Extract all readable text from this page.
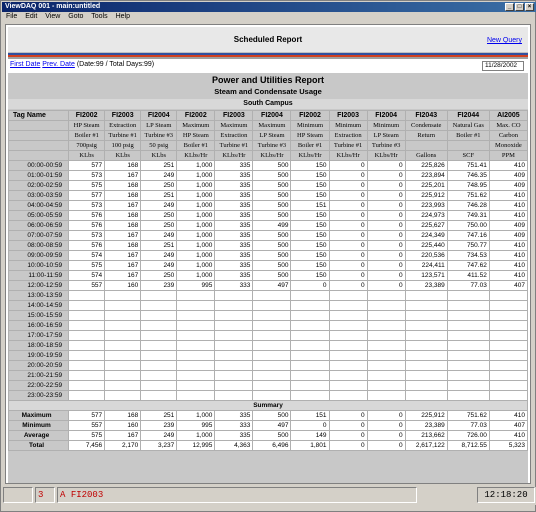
ViewDAQ 001 - main:untitled	_	□	×
File Edit View Goto Tools Help
Scheduled Report	New Query
First Date Prev. Date (Date:99 / Total Days:99)	11/28/2002
Power and Utilities Report
Steam and Condensate Usage
South Campus
Tag Name	FI2002	FI2003	FI2004	FI2002	FI2003	FI2004	FI2002	FI2003	FI2004	FI2043	FI2044	AI2005
	HP Steam	Extraction	LP Steam	Maximum	Maximum	Maximum	Minimum	Minimum	Minimum	Condensate	Natural Gas	Max. CO
	Boiler #1	Turbine #1	Turbine #3	HP Steam	Extraction	LP Steam	HP Steam	Extraction	LP Steam	Return	Boiler #1	Carbon
	700psig	100 psig	50 psig	Boiler #1	Turbine #1	Turbine #3	Boiler #1	Turbine #1	Turbine #3			Monoxide
	KLbs	KLbs	KLbs	KLbs/Hr	KLbs/Hr	KLbs/Hr	KLbs/Hr	KLbs/Hr	KLbs/Hr	Gallons	SCF	PPM
00:00-00:59	577	168	251	1,000	335	500	150	0	0	225,826	751.41	410
01:00-01:59	573	167	249	1,000	335	500	150	0	0	223,894	746.35	409
02:00-02:59	575	168	250	1,000	335	500	150	0	0	225,201	748.95	409
03:00-03:59	577	168	251	1,000	335	500	150	0	0	225,912	751.62	410
04:00-04:59	573	167	249	1,000	335	500	151	0	0	223,993	746.28	410
05:00-05:59	576	168	250	1,000	335	500	150	0	0	224,973	749.31	410
06:00-06:59	576	168	250	1,000	335	499	150	0	0	225,627	750.00	409
07:00-07:59	573	167	249	1,000	335	500	150	0	0	224,349	747.16	409
08:00-08:59	576	168	251	1,000	335	500	150	0	0	225,440	750.77	410
09:00-09:59	574	167	249	1,000	335	500	150	0	0	220,536	734.53	410
10:00-10:59	575	167	249	1,000	335	500	150	0	0	224,411	747.62	410
11:00-11:59	574	167	250	1,000	335	500	150	0	0	123,571	411.52	410
12:00-12:59	557	160	239	995	333	497	0	0	0	23,389	77.03	407
13:00-13:59												
14:00-14:59												
15:00-15:59												
16:00-16:59												
17:00-17:59												
18:00-18:59												
19:00-19:59												
20:00-20:59												
21:00-21:59												
22:00-22:59												
23:00-23:59												
Summary												
Maximum	577	168	251	1,000	335	500	151	0	0	225,912	751.62	410
Minimum	557	160	239	995	333	497	0	0	0	23,389	77.03	407
Average	575	167	249	1,000	335	500	149	0	0	213,662	726.00	410
Total	7,456	2,170	3,237	12,995	4,363	6,496	1,801	0	0	2,617,122	8,712.55	5,323
3	A FI2003	12:18:20
